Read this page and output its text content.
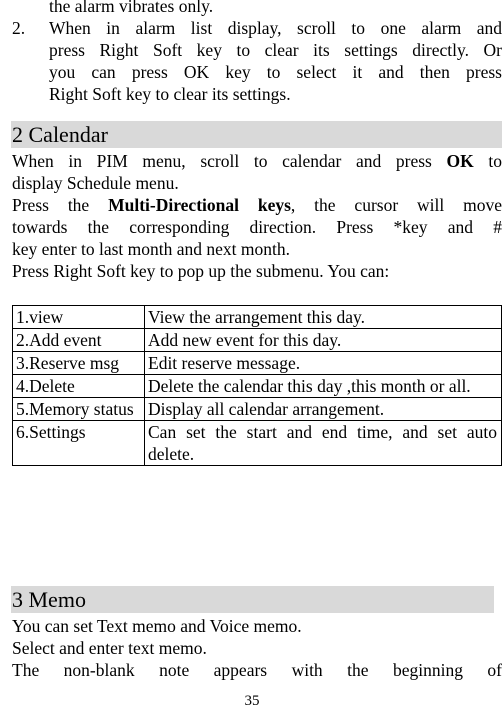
the alarm vibrates only.
2. When in alarm list display, scroll to one alarm and
press Right Soft key to clear its settings directly. Or
you can press OK key to select it and then press
Right Soft key to clear its settings.
2 Calendar
When in PIM menu, scroll to calendar and press OK to
display Schedule menu.
Press the Multi-Directional keys, the cursor will move
towards the corresponding direction. Press *key and #
key enter to last month and next month.
Press Right Soft key to pop up the submenu. You can:
1.view	View the arrangement this day.
2.Add event	Add new event for this day.
3.Reserve msg	Edit reserve message.
4.Delete	Delete the calendar this day ,this month or all.
5.Memory status	Display all calendar arrangement.
6.Settings	Can set the start and end time, and set auto delete.
3 Memo
You can set Text memo and Voice memo.
Select and enter text memo.
The non-blank note appears with the beginning of
35
